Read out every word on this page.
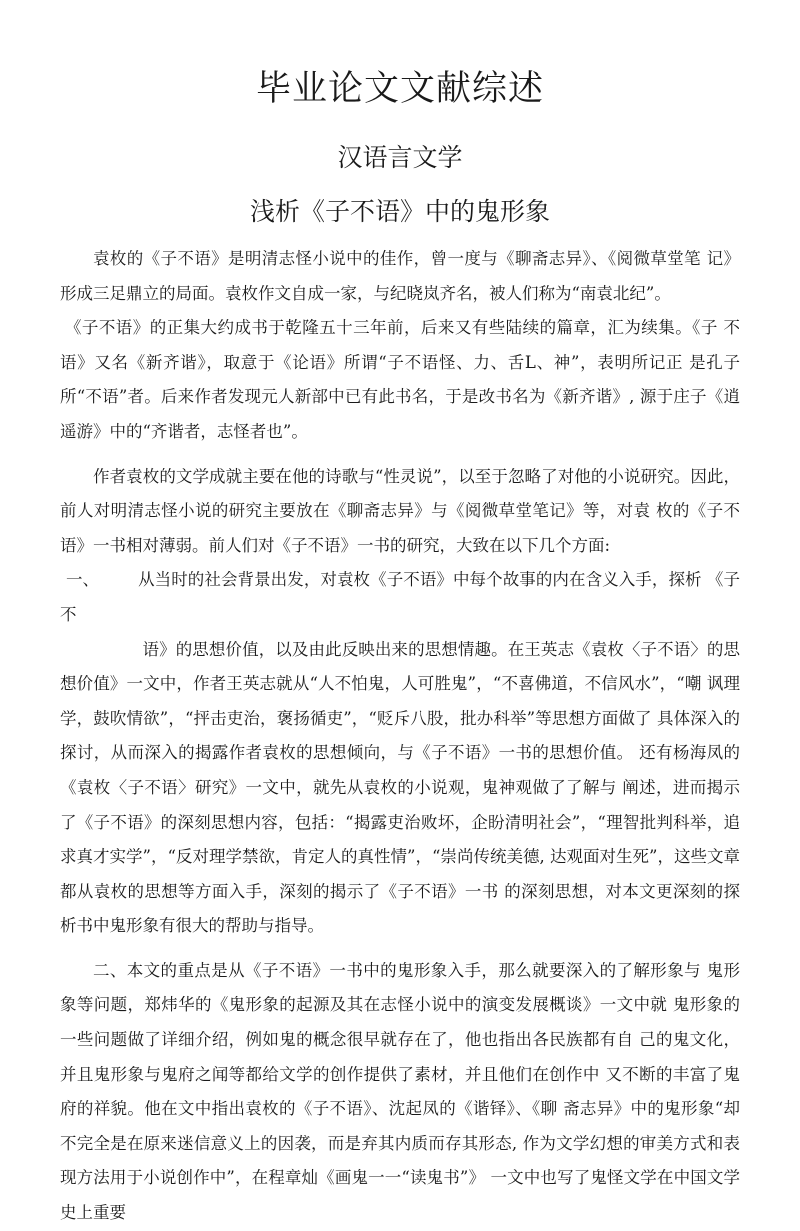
毕业论文文献综述
汉语言文学
浅析《子不语》中的鬼形象

袁枚的《子不语》是明清志怪小说中的佳作，曾一度与《聊斋志异》、《阅微草堂笔 记》形成三足鼎立的局面。袁枚作文自成一家，与纪晓岚齐名，被人们称为“南袁北纪”。

《子不语》的正集大约成书于乾隆五十三年前，后来又有些陆续的篇章，汇为续集。《子 不语》又名《新齐谐》，取意于《论语》所谓“子不语怪、力、舌L、神”，表明所记正 是孔子所“不语”者。后来作者发现元人新部中已有此书名，于是改书名为《新齐谐》, 源于庄子《逍遥游》中的“齐谐者，志怪者也”。

作者袁枚的文学成就主要在他的诗歌与“性灵说”，以至于忽略了对他的小说研究。因此，前人对明清志怪小说的研究主要放在《聊斋志异》与《阅微草堂笔记》等，对袁 枚的《子不语》一书相对薄弱。前人们对《子不语》一书的研究，大致在以下几个方面:

一、 从当时的社会背景出发，对袁枚《子不语》中每个故事的内在含义入手，探析 《子不

语》的思想价值，以及由此反映出来的思想情趣。在王英志《袁枚〈子不语〉的思想价值》一文中，作者王英志就从“人不怕鬼，人可胜鬼”，“不喜佛道，不信风水”，“嘲 讽理学，鼓吹情欲”，“抨击吏治，褒扬循吏”，“贬斥八股，批办科举”等思想方面做了 具体深入的探讨，从而深入的揭露作者袁枚的思想倾向，与《子不语》一书的思想价值。 还有杨海凤的《袁枚〈子不语〉研究》一文中，就先从袁枚的小说观，鬼神观做了了解与 阐述，进而揭示了《子不语》的深刻思想内容，包括：“揭露吏治败坏，企盼清明社会”，“理智批判科举，追求真才实学”，“反对理学禁欲，肯定人的真性情”，“崇尚传统美德, 达观面对生死”，这些文章都从袁枚的思想等方面入手，深刻的揭示了《子不语》一书 的深刻思想，对本文更深刻的探析书中鬼形象有很大的帮助与指导。

二、本文的重点是从《子不语》一书中的鬼形象入手，那么就要深入的了解形象与 鬼形象等问题，郑炜华的《鬼形象的起源及其在志怪小说中的演变发展概谈》一文中就 鬼形象的一些问题做了详细介绍，例如鬼的概念很早就存在了，他也指出各民族都有自 己的鬼文化，并且鬼形象与鬼府之闻等都给文学的创作提供了素材，并且他们在创作中 又不断的丰富了鬼府的祥貌。他在文中指出袁枚的《子不语》、沈起凤的《谐铎》、《聊 斋志异》中的鬼形象“却不完全是在原来迷信意义上的因袭，而是弃其内质而存其形态, 作为文学幻想的审美方式和表现方法用于小说创作中”，在程章灿《画鬼一一“读鬼书”》 一文中也写了鬼怪文学在中国文学史上重要
